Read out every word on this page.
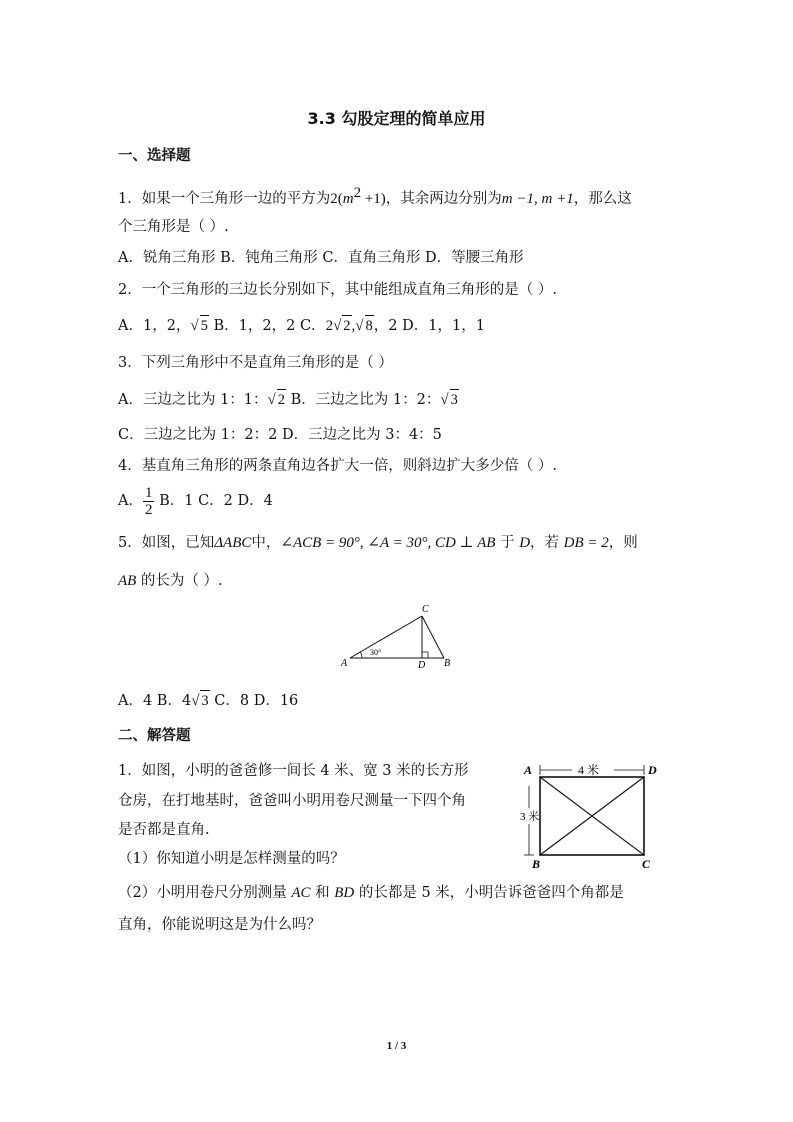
3.3 勾股定理的简单应用
一、选择题
1．如果一个三角形一边的平方为$2(m^2 +1)$，其余两边分别为m −1, m +1，那么这
个三角形是（ ）.
A．锐角三角形 B．钝角三角形 C．直角三角形 D．等腰三角形
2．一个三角形的三边长分别如下，其中能组成直角三角形的是（ ）.
A．1，2，√ 5 B．1，2，2 C．2√ 2,√ 8，2 D．1，1，1
3．下列三角形中不是直角三角形的是（ ）
A．三边之比为 1：1：√ 2 B．三边之比为 1：2：√ 3
C．三边之比为 1：2：2 D．三边之比为 3：4：5
4．基直角三角形的两条直角边各扩大一倍，则斜边扩大多少倍（ ）.
A． $\frac{1}{2}$ B．1 C．2 D．4
5．如图，已知ΔABC中，∠ACB = 90°, ∠A = 30°, CD ⊥ AB 于 D，若 DB = 2，则
AB 的长为（ ）.
C
A	D B
30°
A．4 B．4√ 3 C．8 D．16
二、解答题
1．如图，小明的爸爸修一间长 4 米、宽 3 米的长方形
仓房，在打地基时，爸爸叫小明用卷尺测量一下四个角
是否都是直角.
（1）你知道小明是怎样测量的吗？
（2）小明用卷尺分别测量 AC 和 BD 的长都是 5 米，小明告诉爸爸四个角都是
直角，你能说明这是为什么吗？
4 米
3 米
A	D
B	C
1 / 3
